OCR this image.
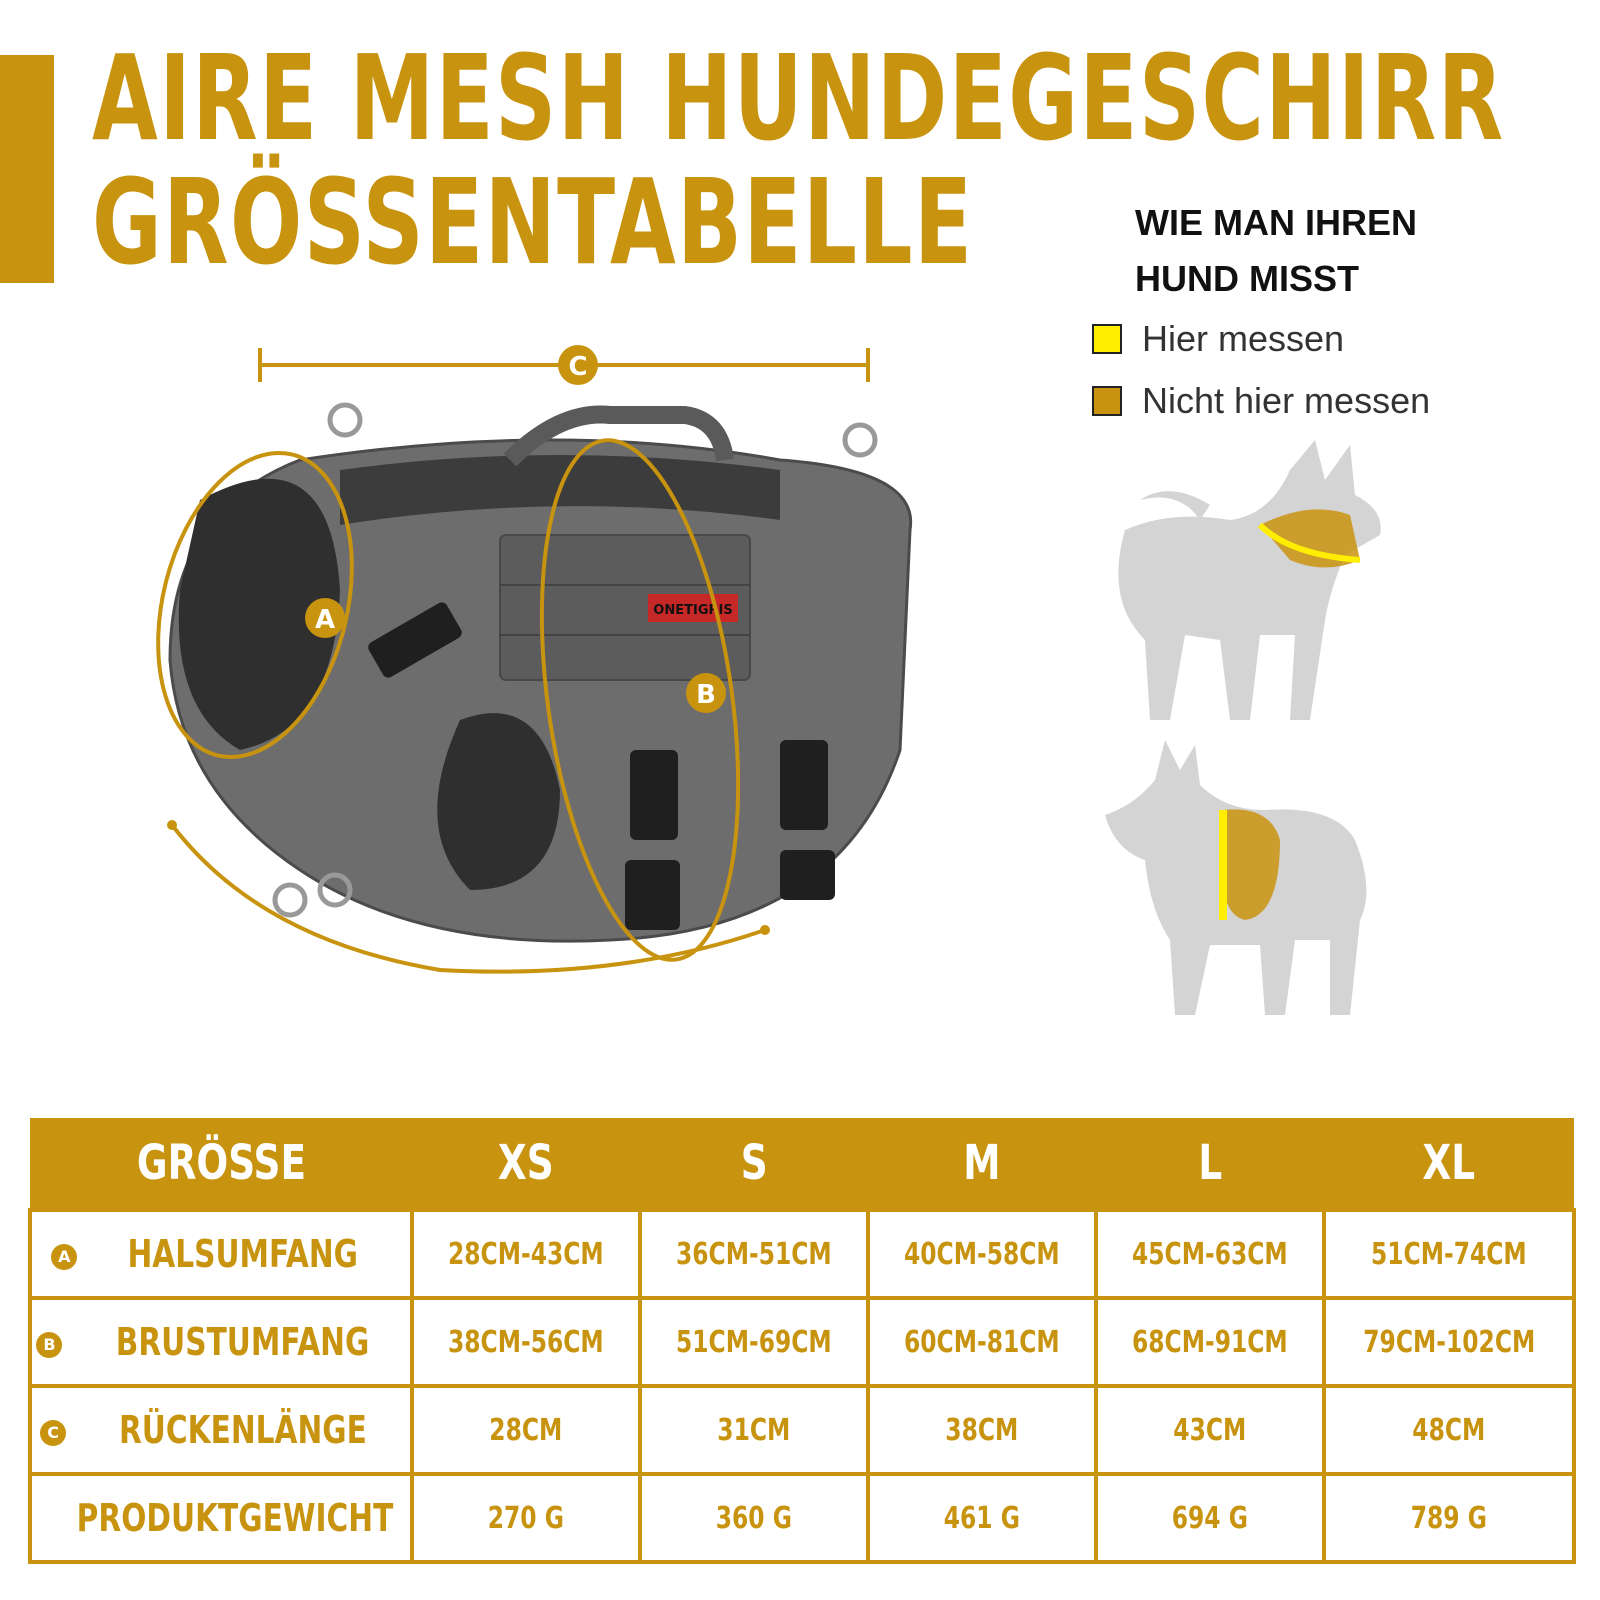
AIRE MESH HUNDEGESCHIRR
GRÖSSENTABELLE
C
ONETIGRIS
A
B
WIE MAN IHREN
HUND MISST
Hier messen
Nicht hier messen
GRÖSSE	XS	S	M	L	XL
A HALSUMFANG	28CM-43CM	36CM-51CM	40CM-58CM	45CM-63CM	51CM-74CM
B BRUSTUMFANG	38CM-56CM	51CM-69CM	60CM-81CM	68CM-91CM	79CM-102CM
C RÜCKENLÄNGE	28CM	31CM	38CM	43CM	48CM
PRODUKTGEWICHT	270 G	360 G	461 G	694 G	789 G
